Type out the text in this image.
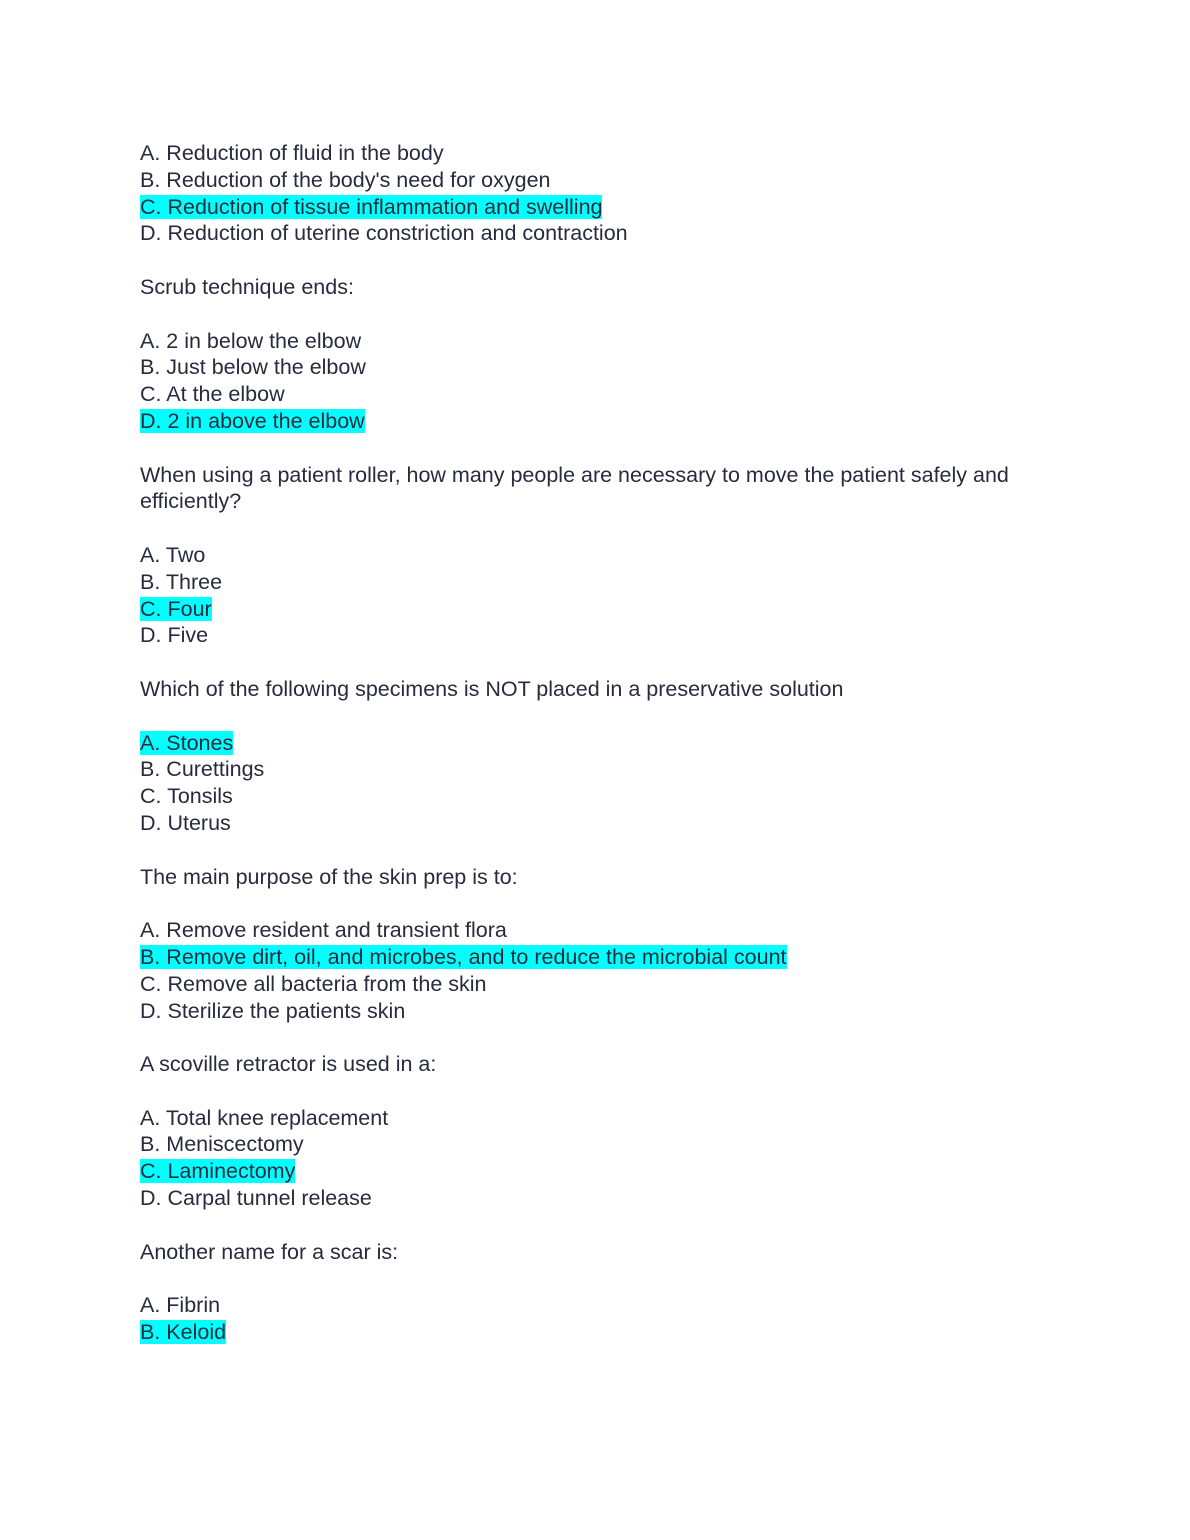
A. Reduction of fluid in the body
B. Reduction of the body's need for oxygen
C. Reduction of tissue inflammation and swelling
D. Reduction of uterine constriction and contraction
Scrub technique ends:
A. 2 in below the elbow
B. Just below the elbow
C. At the elbow
D. 2 in above the elbow
When using a patient roller, how many people are necessary to move the patient safely and efficiently?
A. Two
B. Three
C. Four
D. Five
Which of the following specimens is NOT placed in a preservative solution
A. Stones
B. Curettings
C. Tonsils
D. Uterus
The main purpose of the skin prep is to:
A. Remove resident and transient flora
B. Remove dirt, oil, and microbes, and to reduce the microbial count
C. Remove all bacteria from the skin
D. Sterilize the patients skin
A scoville retractor is used in a:
A. Total knee replacement
B. Meniscectomy
C. Laminectomy
D. Carpal tunnel release
Another name for a scar is:
A. Fibrin
B. Keloid
